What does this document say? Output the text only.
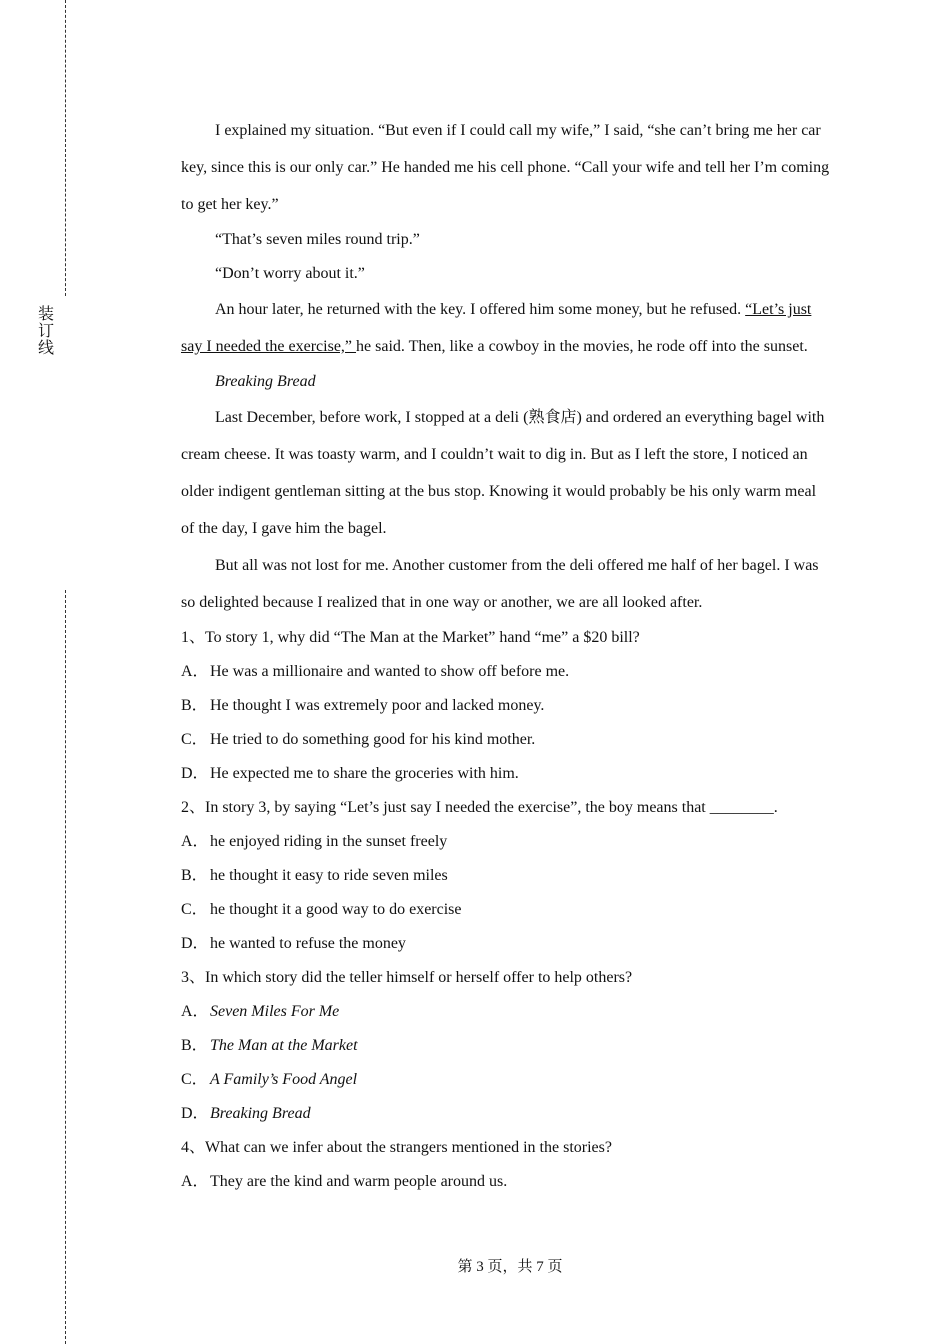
装
订
线

I explained my situation. “But even if I could call my wife,” I said, “she can’t bring me her car key, since this is our only car.” He handed me his cell phone. “Call your wife and tell her I’m coming to get her key.”

“That’s seven miles round trip.”

“Don’t worry about it.”

An hour later, he returned with the key. I offered him some money, but he refused. “Let’s just say I needed the exercise,” he said. Then, like a cowboy in the movies, he rode off into the sunset.

Breaking Bread

Last December, before work, I stopped at a deli (熟食店) and ordered an everything bagel with cream cheese. It was toasty warm, and I couldn’t wait to dig in. But as I left the store, I noticed an older indigent gentleman sitting at the bus stop. Knowing it would probably be his only warm meal of the day, I gave him the bagel.

But all was not lost for me. Another customer from the deli offered me half of her bagel. I was so delighted because I realized that in one way or another, we are all looked after.

1、To story 1, why did “The Man at the Market” hand “me” a $20 bill?

A．He was a millionaire and wanted to show off before me.

B． He thought I was extremely poor and lacked money.

C． He tried to do something good for his kind mother.

D．He expected me to share the groceries with him.

2、In story 3, by saying “Let’s just say I needed the exercise”, the boy means that ________.

A．he enjoyed riding in the sunset freely

B． he thought it easy to ride seven miles

C． he thought it a good way to do exercise

D．he wanted to refuse the money

3、In which story did the teller himself or herself offer to help others?

A．Seven Miles For Me

B． The Man at the Market

C． A Family’s Food Angel

D．Breaking Bread

4、What can we infer about the strangers mentioned in the stories?

A．They are the kind and warm people around us.

第 3 页，共 7 页
